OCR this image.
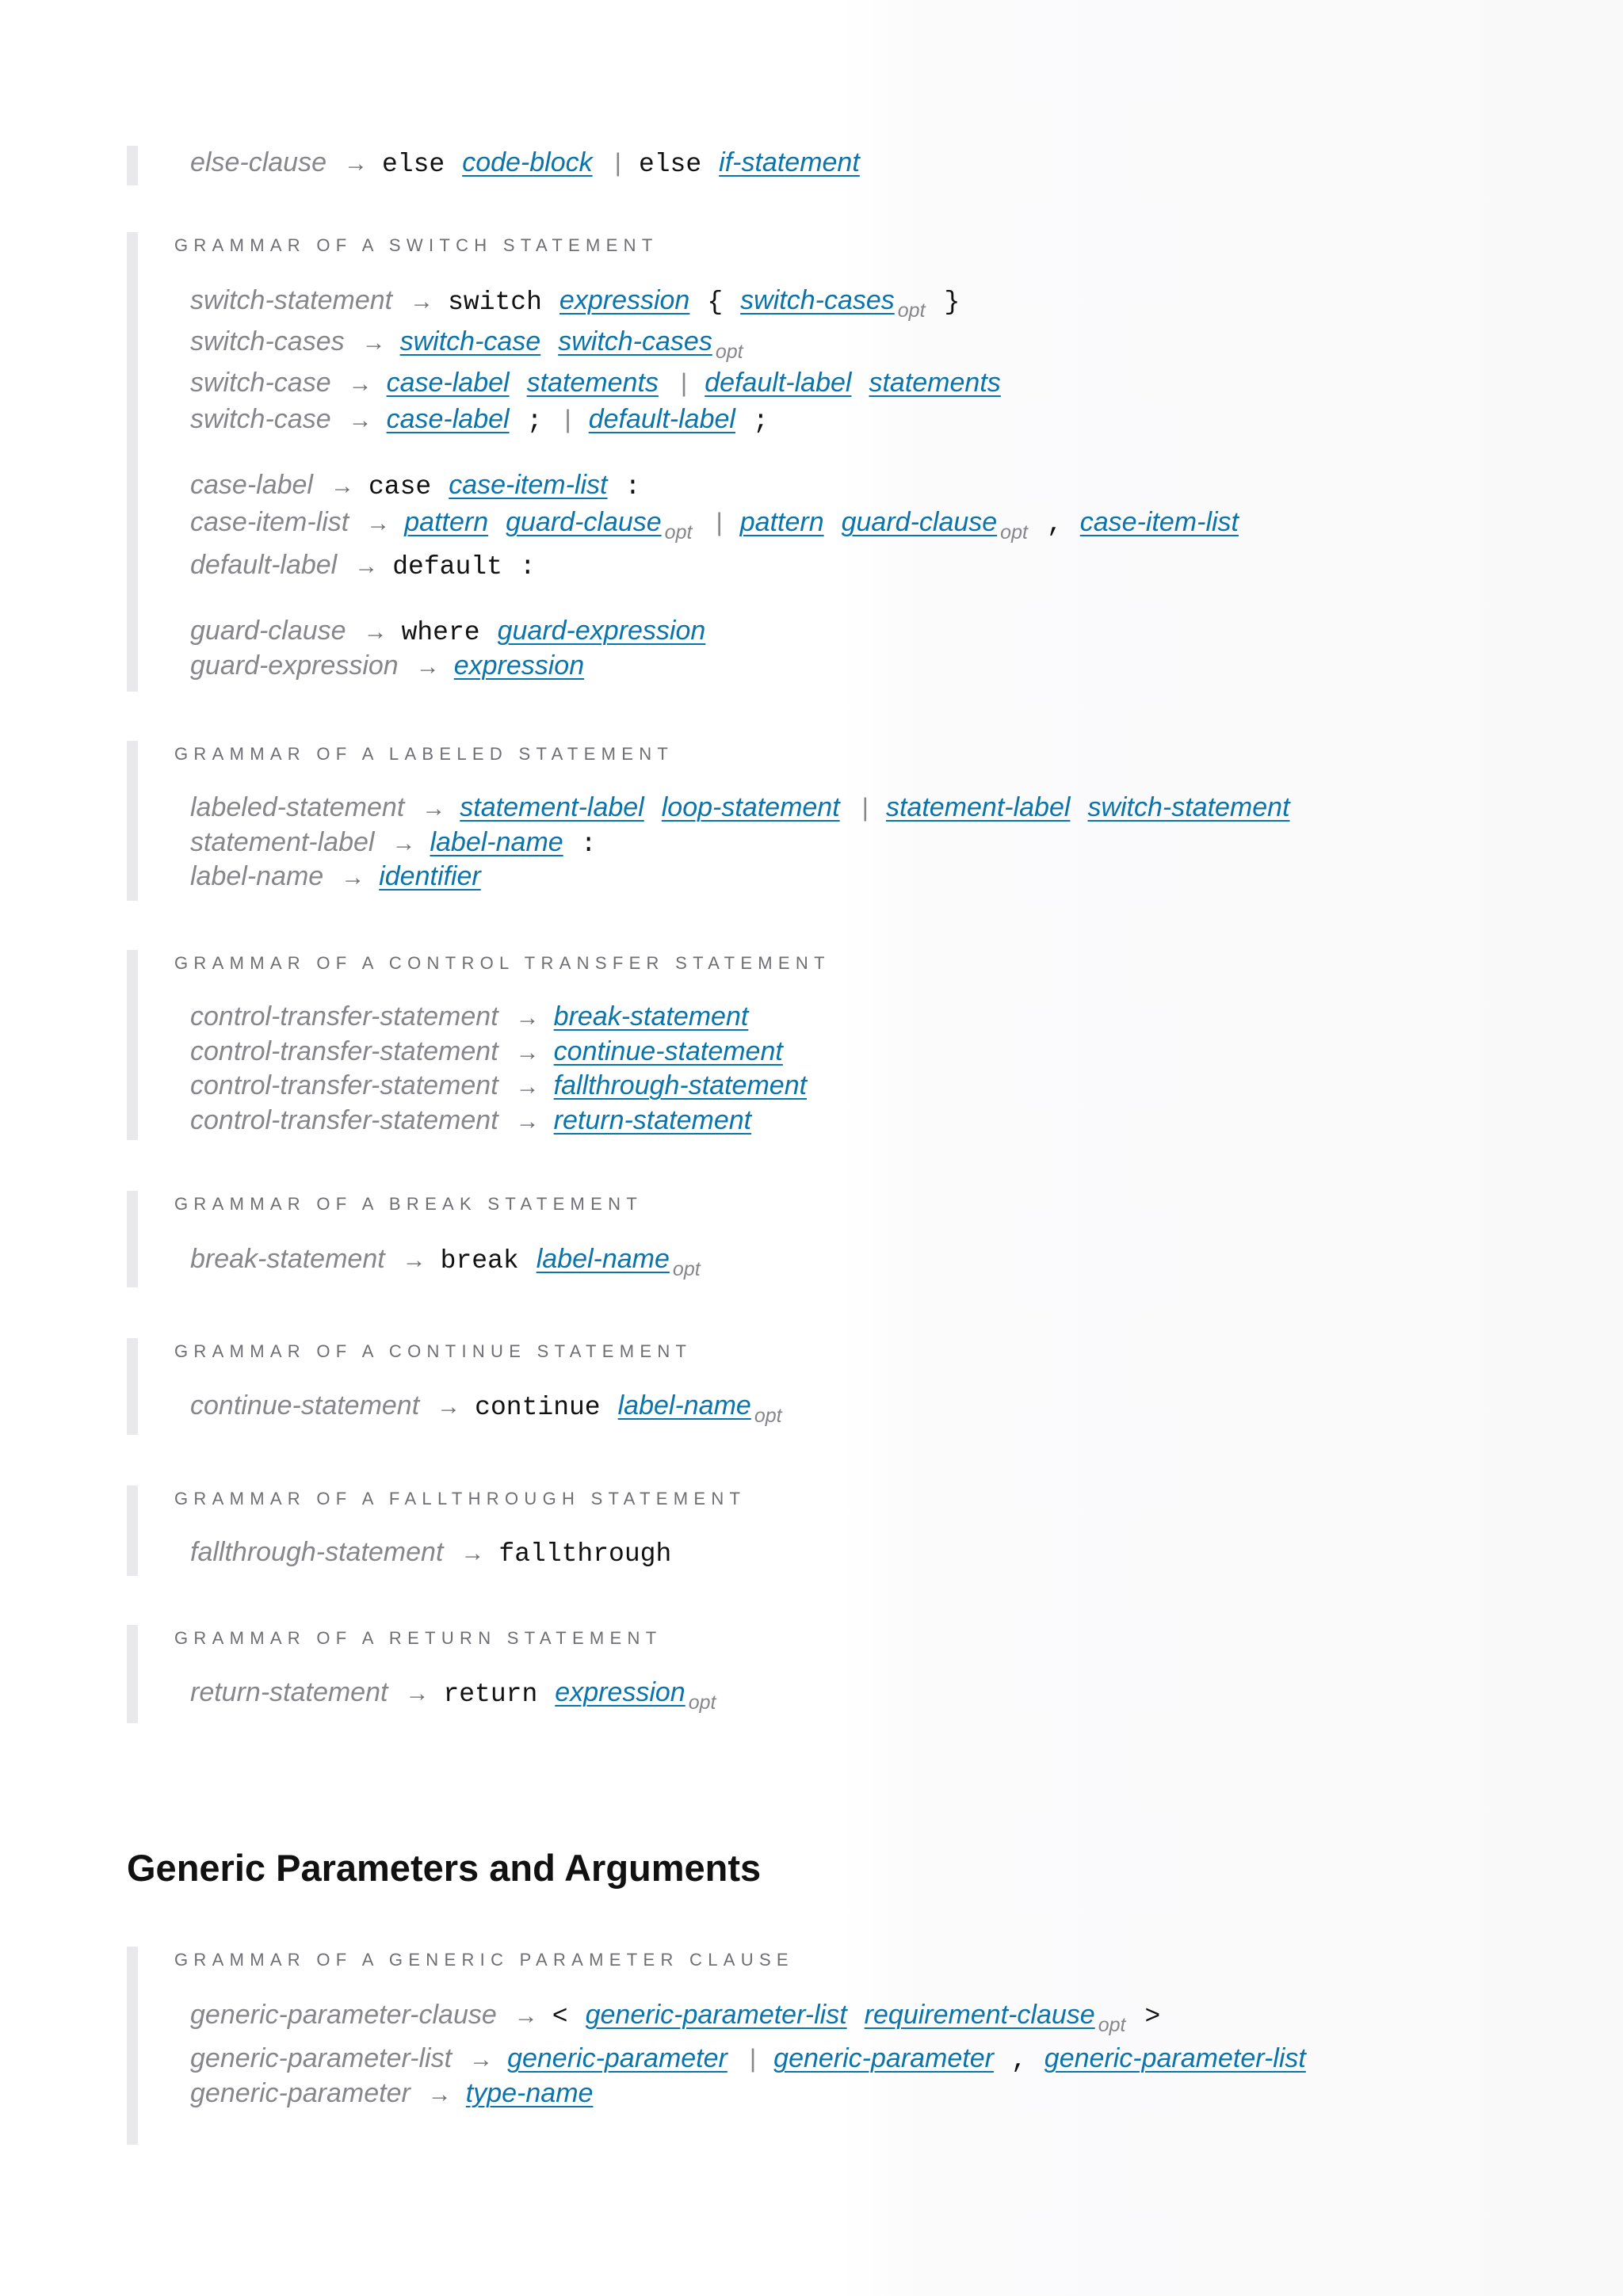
else-clause → else code-block | else if-statement
GRAMMAR OF A SWITCH STATEMENT
switch-statement → switch expression { switch-cases $_{opt}$ }
switch-cases → switch-case switch-cases $_{opt}$
switch-case → case-label statements | default-label statements
switch-case → case-label ; | default-label ;
case-label → case case-item-list :
case-item-list → pattern guard-clause $_{opt}$ | pattern guard-clause $_{opt}$ , case-item-list
default-label → default :
guard-clause → where guard-expression
guard-expression → expression
GRAMMAR OF A LABELED STATEMENT
labeled-statement → statement-label loop-statement | statement-label switch-statement
statement-label → label-name :
label-name → identifier
GRAMMAR OF A CONTROL TRANSFER STATEMENT
control-transfer-statement → break-statement
control-transfer-statement → continue-statement
control-transfer-statement → fallthrough-statement
control-transfer-statement → return-statement
GRAMMAR OF A BREAK STATEMENT
break-statement → break label-name $_{opt}$
GRAMMAR OF A CONTINUE STATEMENT
continue-statement → continue label-name $_{opt}$
GRAMMAR OF A FALLTHROUGH STATEMENT
fallthrough-statement → fallthrough
GRAMMAR OF A RETURN STATEMENT
return-statement → return expression $_{opt}$
Generic Parameters and Arguments
GRAMMAR OF A GENERIC PARAMETER CLAUSE
generic-parameter-clause → < generic-parameter-list requirement-clause $_{opt}$ >
generic-parameter-list → generic-parameter | generic-parameter , generic-parameter-list
generic-parameter → type-name
